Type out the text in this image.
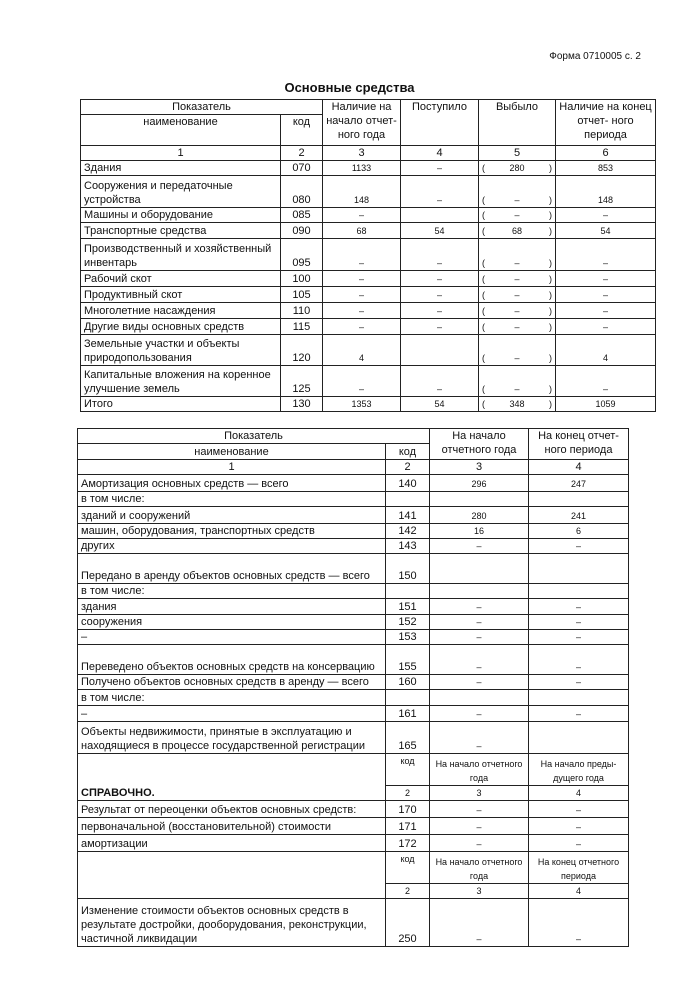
Форма 0710005 с. 2
Основные средства
Показатель		Наличие на начало отчет- ного года	Поступило	Выбыло	Наличие на конец отчет- ного периода
наименование	код				
1	2	3	4	5	6
Здания	070	1133	–	( 280 )	853
Сооружения и передаточные устройства	080	148	–	( – )	148
Машины и оборудование	085	–		( – )	–
Транспортные средства	090	68	54	( 68 )	54
Производственный и хозяйственный инвентарь	095	–	–	( – )	–
Рабочий скот	100	–	–	( – )	–
Продуктивный скот	105	–	–	( – )	–
Многолетние насаждения	110	–	–	( – )	–
Другие виды основных средств	115	–	–	( – )	–
Земельные участки и объекты природопользования	120	4		( – )	4
Капитальные вложения на коренное улучшение земель	125	–	–	( – )	–
Итого	130	1353	54	( 348 )	1059
Показатель		На начало отчетного года	На конец отчет- ного периода
наименование	код		
1	2	3	4
Амортизация основных средств — всего	140	296	247
в том числе:			
зданий и сооружений	141	280	241
машин, оборудования, транспортных средств	142	16	6
других	143	–	–
Передано в аренду объектов основных средств — всего	150		
в том числе:			
здания	151	–	–
сооружения	152	–	–
–	153	–	–
Переведено объектов основных средств на консервацию	155	–	–
Получено объектов основных средств в аренду — всего	160	–	–
в том числе:			
–	161	–	–
Объекты недвижимости, принятые в эксплуатацию и находящиеся в процессе государственной регистрации	165	–	
СПРАВОЧНО.	код	На начало отчетного года	На начало преды- дущего года
	2	3	4
Результат от переоценки объектов основных средств:	170	–	–
первоначальной (восстановительной) стоимости	171	–	–
амортизации	172	–	–
	код	На начало отчетного года	На конец отчетного периода
	2	3	4
Изменение стоимости объектов основных средств в результате достройки, дооборудования, реконструкции, частичной ликвидации	250	–	–
